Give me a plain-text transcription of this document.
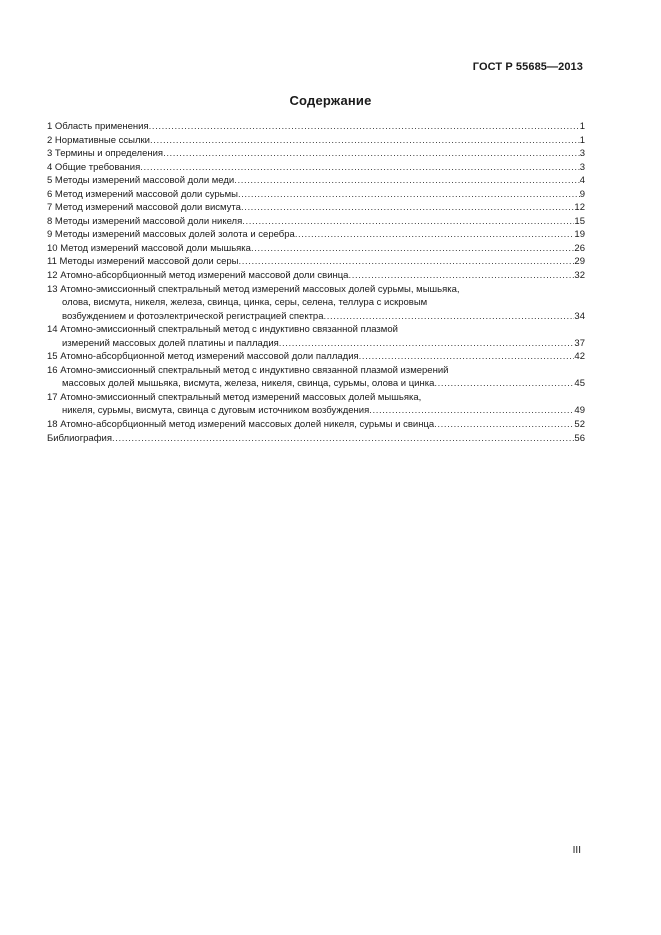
ГОСТ Р 55685—2013
Содержание
1 Область применения .....	1
2 Нормативные ссылки .....	1
3 Термины и определения .....	3
4 Общие требования .....	3
5 Методы измерений массовой доли меди .....	4
6 Метод измерений массовой доли сурьмы .....	9
7 Метод измерений массовой доли висмута .....	12
8 Методы измерений массовой доли никеля .....	15
9 Методы измерений массовых долей золота и серебра .....	19
10 Метод измерений массовой доли мышьяка .....	26
11 Методы измерений массовой доли серы .....	29
12 Атомно-абсорбционный метод измерений массовой доли свинца .....	32
13 Атомно-эмиссионный спектральный метод измерений массовых долей сурьмы, мышьяка,
олова, висмута, никеля, железа, свинца, цинка, серы, селена, теллура с искровым
возбуждением и фотоэлектрической регистрацией спектра .....	34
14 Атомно-эмиссионный спектральный метод с индуктивно связанной плазмой
измерений массовых долей платины и палладия .....	37
15 Атомно-абсорбционной метод измерений массовой доли палладия .....	42
16 Атомно-эмиссионный спектральный метод с индуктивно связанной плазмой измерений
массовых долей мышьяка, висмута, железа, никеля, свинца, сурьмы, олова и цинка .....	45
17 Атомно-эмиссионный спектральный метод измерений массовых долей мышьяка,
никеля, сурьмы, висмута, свинца с дуговым источником возбуждения .....	49
18 Атомно-абсорбционный метод измерений массовых долей никеля, сурьмы и свинца .....	52
Библиография .....	56
III
